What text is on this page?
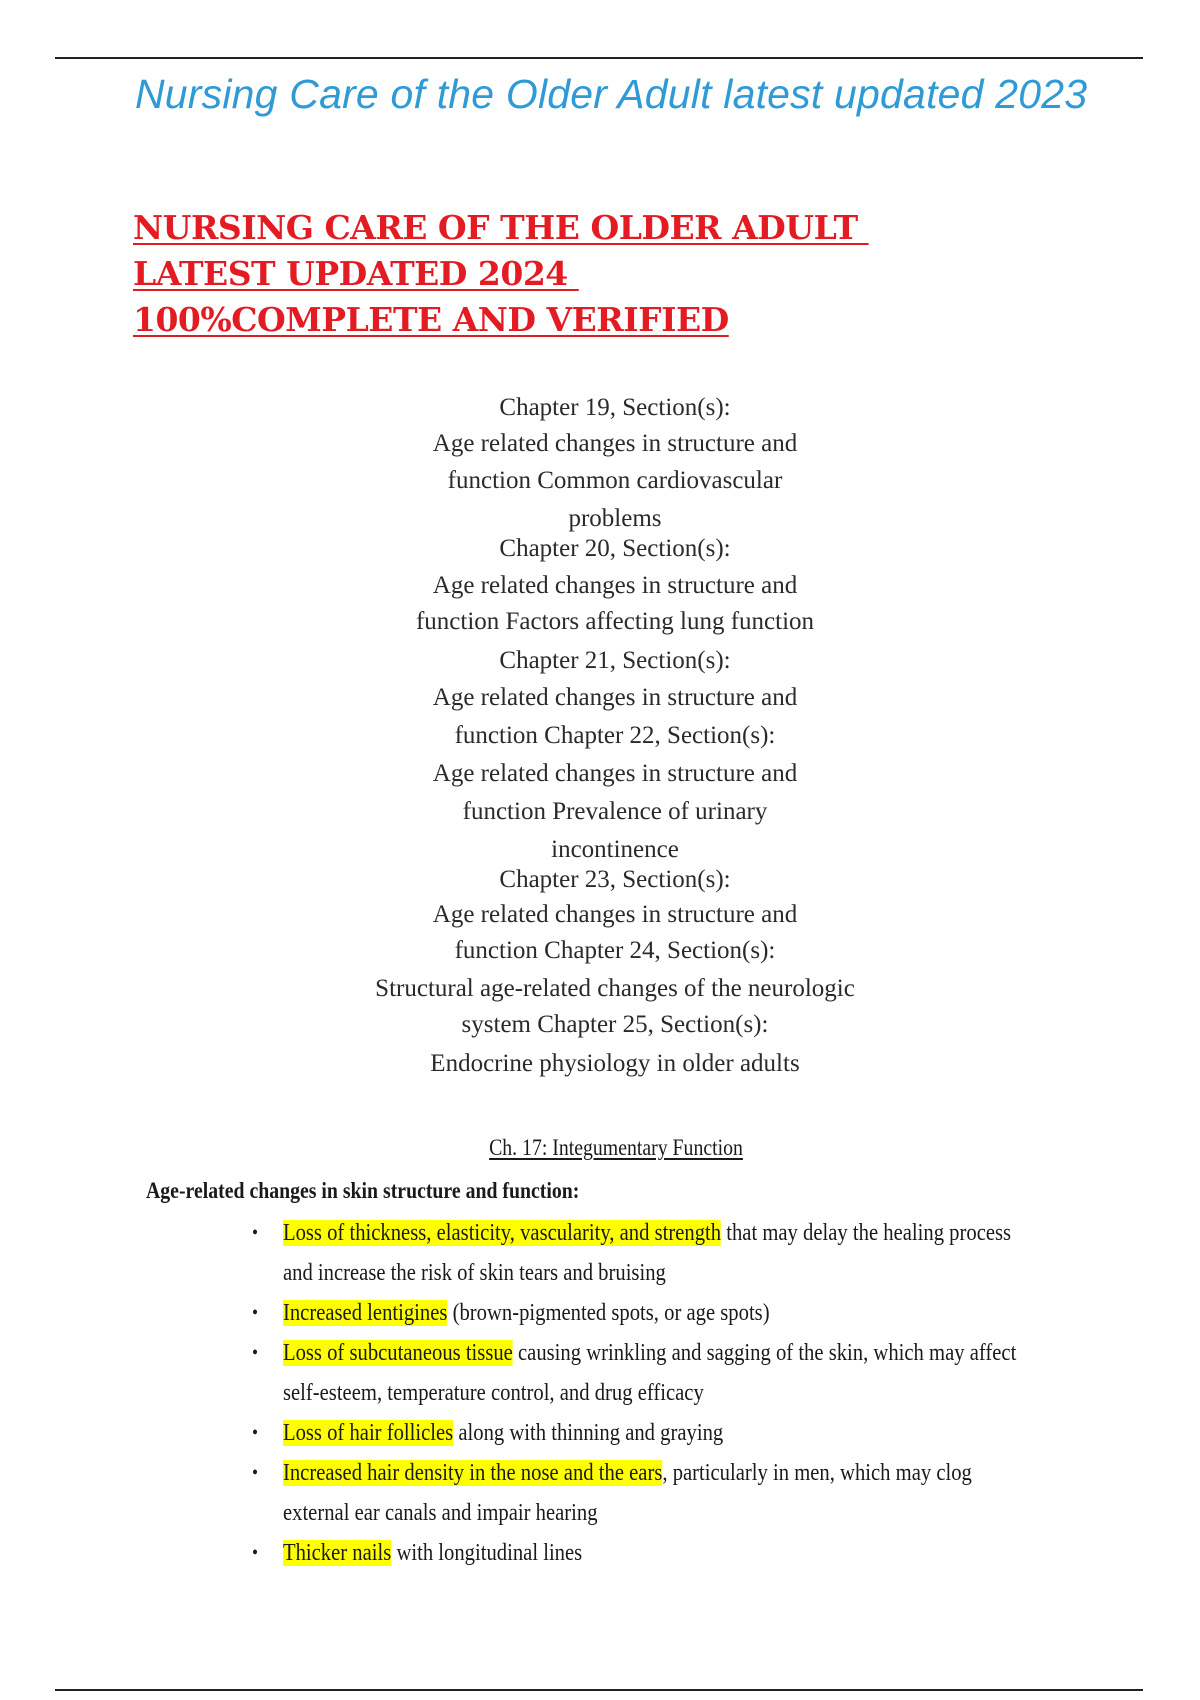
Nursing Care of the Older Adult latest updated 2023
NURSING CARE OF THE OLDER ADULT
LATEST UPDATED 2024
100%COMPLETE AND VERIFIED
Chapter 19, Section(s):
Age related changes in structure and
function Common cardiovascular
problems
Chapter 20, Section(s):
Age related changes in structure and
function Factors affecting lung function
Chapter 21, Section(s):
Age related changes in structure and
function Chapter 22, Section(s):
Age related changes in structure and
function Prevalence of urinary
incontinence
Chapter 23, Section(s):
Age related changes in structure and
function Chapter 24, Section(s):
Structural age-related changes of the neurologic
system Chapter 25, Section(s):
Endocrine physiology in older adults
Ch. 17: Integumentary Function
Age-related changes in skin structure and function:
• Loss of thickness, elasticity, vascularity, and strength that may delay the healing process and increase the risk of skin tears and bruising
• Increased lentigines (brown-pigmented spots, or age spots)
• Loss of subcutaneous tissue causing wrinkling and sagging of the skin, which may affect self-esteem, temperature control, and drug efficacy
• Loss of hair follicles along with thinning and graying
• Increased hair density in the nose and the ears, particularly in men, which may clog external ear canals and impair hearing
• Thicker nails with longitudinal lines
